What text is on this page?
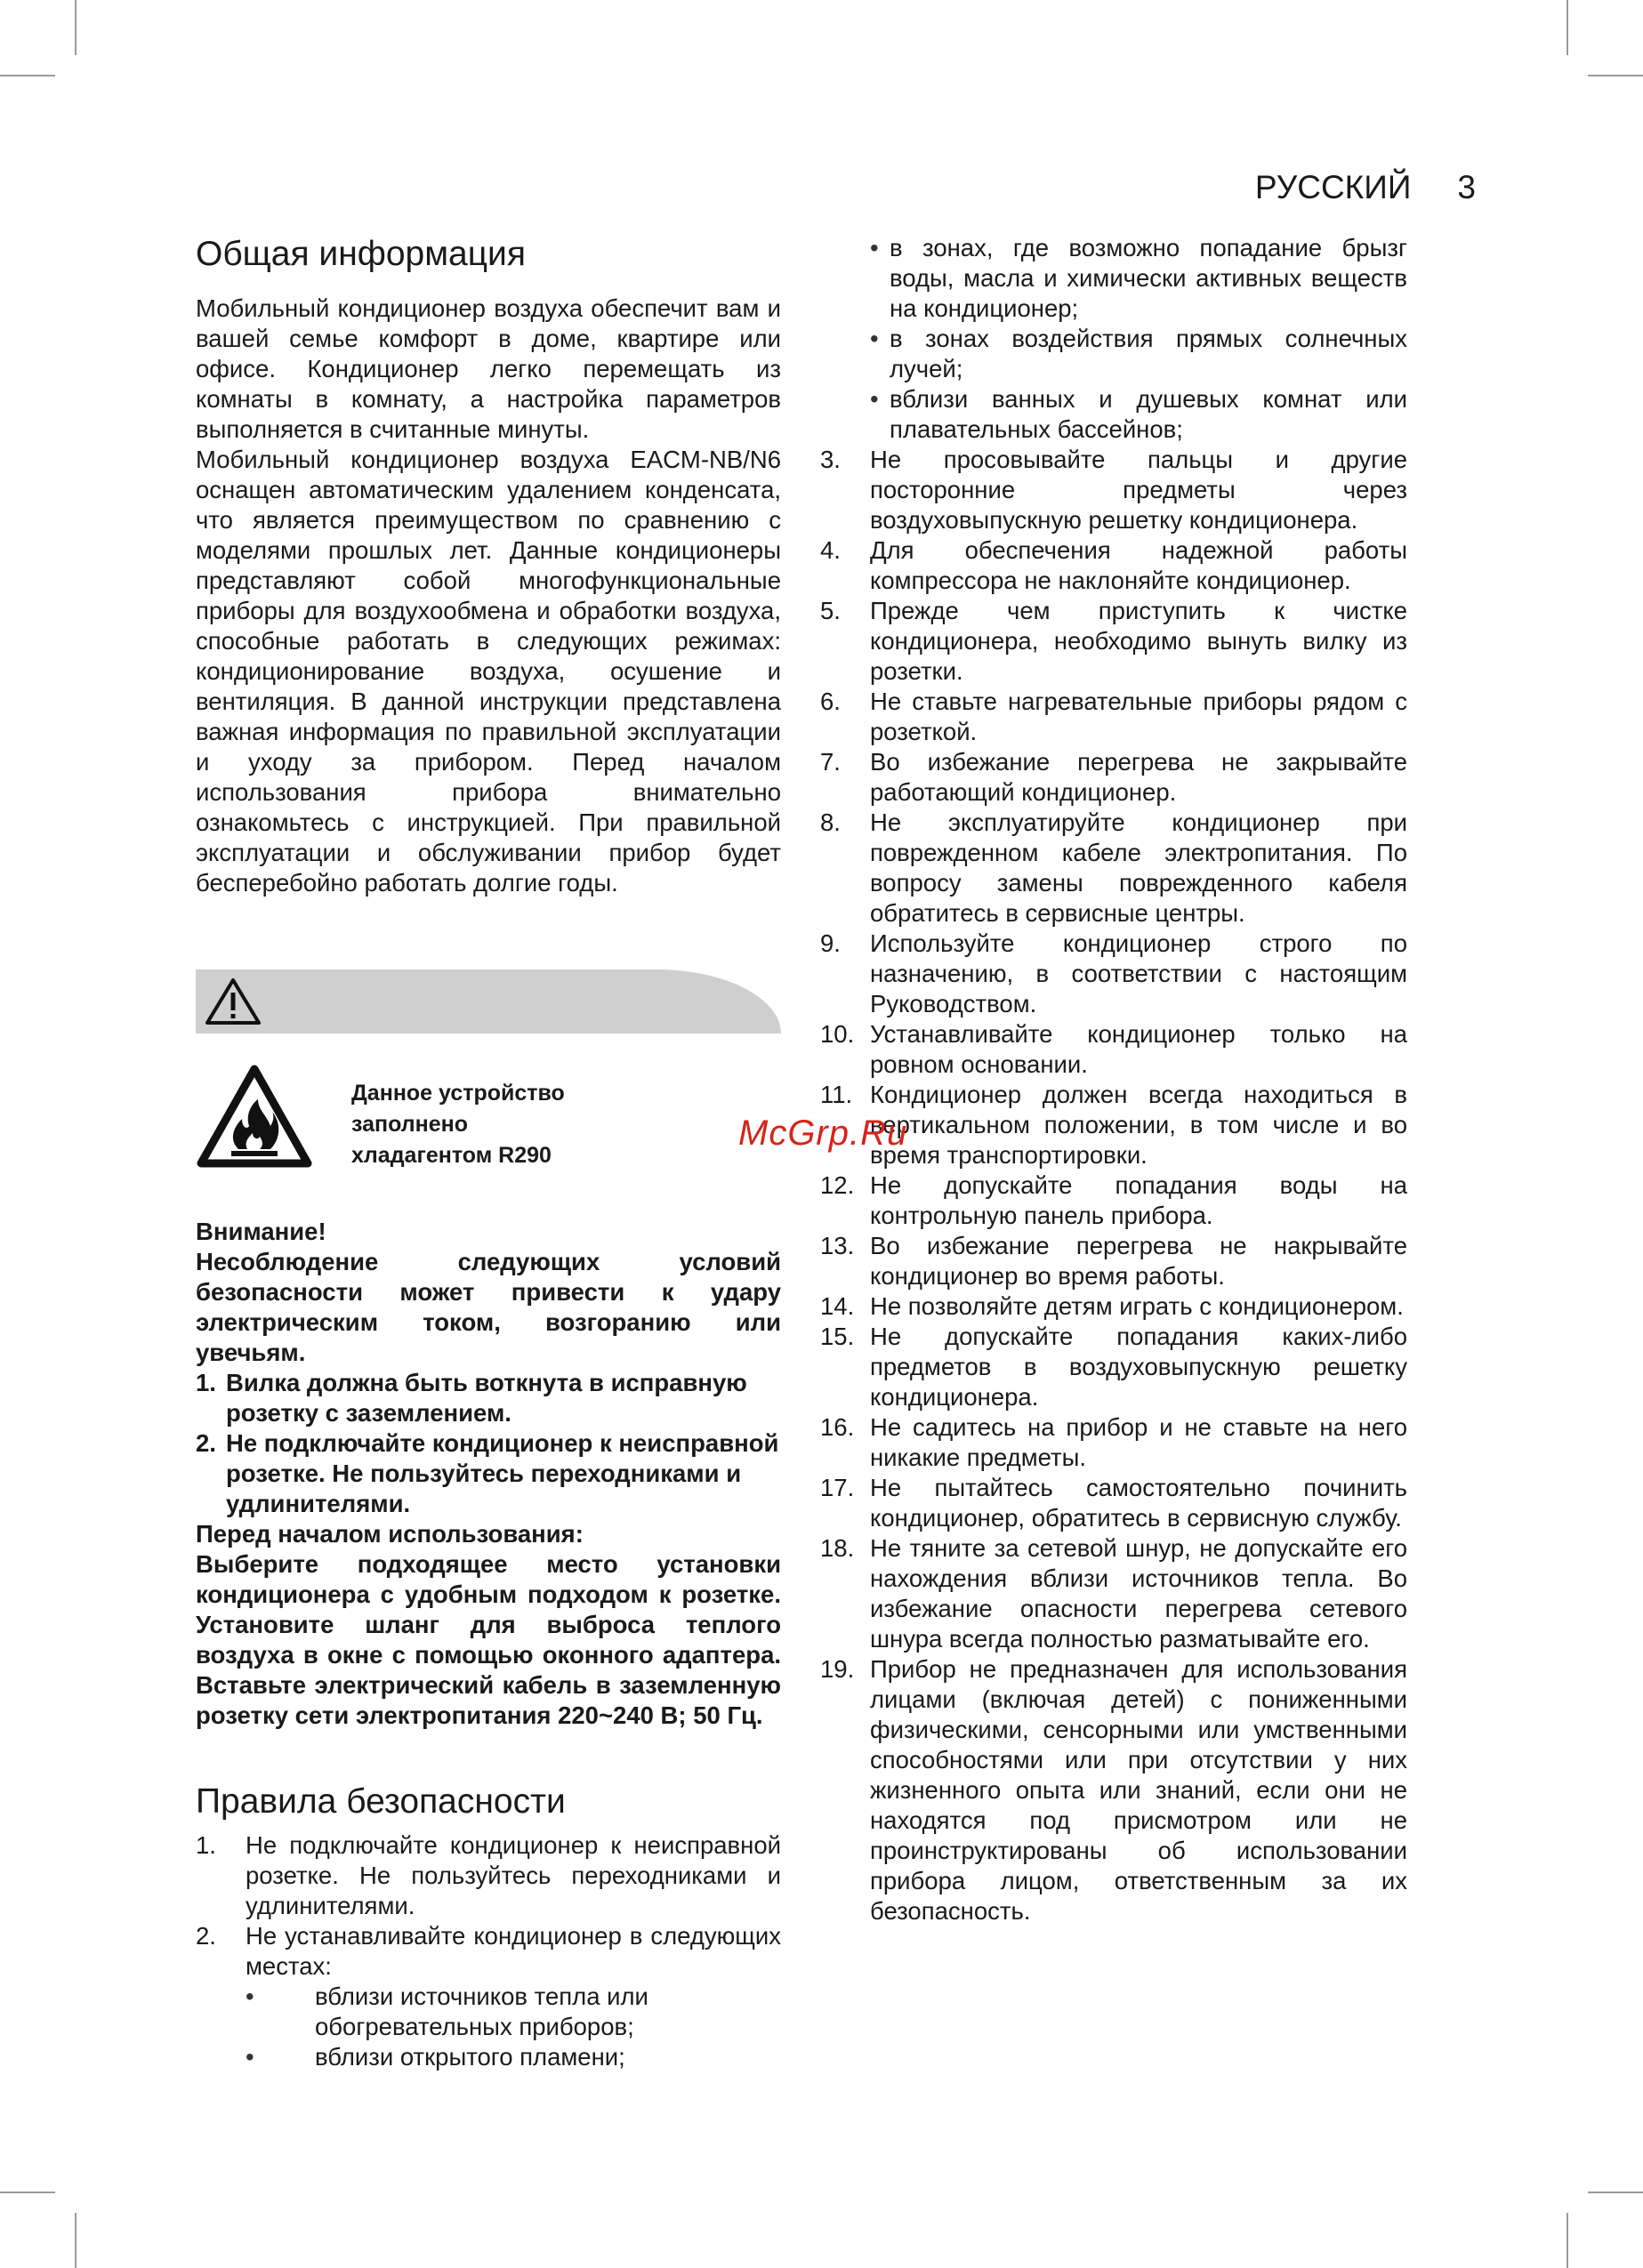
РУССКИЙ 3
Общая информация

Мобильный кондиционер воздуха обеспечит вам и вашей семье комфорт в доме, квартире или офисе. Кондиционер легко перемещать из комнаты в комнату, а настройка параметров выполняется в считанные минуты.

Мобильный кондиционер воздуха EACM-NB/N6 оснащен автоматическим удалением конденсата, что является преимуществом по сравнению с моделями прошлых лет. Данные кондиционеры представляют собой многофункциональные приборы для воздухообмена и обработки воздуха, способные работать в следующих режимах: кондиционирование воздуха, осушение и вентиляция. В данной инструкции представлена важная информация по правильной эксплуатации и уходу за прибором. Перед началом использования прибора внимательно ознакомьтесь с инструкцией. При правильной эксплуатации и обслуживании прибор будет бесперебойно работать долгие годы.

Данное устройство
заполнено
хладагентом R290

Внимание!

Несоблюдение следующих условий безопасности может привести к удару электрическим током, возгоранию или увечьям.

1. Вилка должна быть воткнута в исправную розетку с заземлением.
2. Не подключайте кондиционер к неисправной розетке. Не пользуйтесь переходниками и удлинителями.

Перед началом использования:

Выберите подходящее место установки кондиционера с удобным подходом к розетке. Установите шланг для выброса теплого воздуха в окне с помощью оконного адаптера. Вставьте электрический кабель в заземленную розетку сети электропитания 220~240 В; 50 Гц.

Правила безопасности
1. Не подключайте кондиционер к неисправной розетке. Не пользуйтесь переходниками и удлинителями.

2. Не устанавливайте кондиционер в следующих местах:

• вблизи источников тепла или обогревательных приборов;
• вблизи открытого пламени;

• в зонах, где возможно попадание брызг воды, масла и химически активных веществ на кондиционер;

• в зонах воздействия прямых солнечных лучей;

• вблизи ванных и душевых комнат или плавательных бассейнов;

3. Не просовывайте пальцы и другие посторонние предметы через воздуховыпускную решетку кондиционера.

4. Для обеспечения надежной работы компрессора не наклоняйте кондиционер.

5. Прежде чем приступить к чистке кондиционера, необходимо вынуть вилку из розетки.

6. Не ставьте нагревательные приборы рядом с розеткой.

7. Во избежание перегрева не закрывайте работающий кондиционер.

8. Не эксплуатируйте кондиционер при поврежденном кабеле электропитания. По вопросу замены поврежденного кабеля обратитесь в сервисные центры.

9. Используйте кондиционер строго по назначению, в соответствии с настоящим Руководством.

10. Устанавливайте кондиционер только на ровном основании.

11. Кондиционер должен всегда находиться в вертикальном положении, в том числе и во время транспортировки.

12. Не допускайте попадания воды на контрольную панель прибора.

13. Во избежание перегрева не накрывайте кондиционер во время работы.

14. Не позволяйте детям играть с кондиционером.

15. Не допускайте попадания каких-либо предметов в воздуховыпускную решетку кондиционера.

16. Не садитесь на прибор и не ставьте на него никакие предметы.

17. Не пытайтесь самостоятельно починить кондиционер, обратитесь в сервисную службу.

18. Не тяните за сетевой шнур, не допускайте его нахождения вблизи источников тепла. Во избежание опасности перегрева сетевого шнура всегда полностью разматывайте его.

19. Прибор не предназначен для использования лицами (включая детей) с пониженными физическими, сенсорными или умственными способностями или при отсутствии у них жизненного опыта или знаний, если они не находятся под присмотром или не проинструктированы об использовании прибора лицом, ответственным за их безопасность.

McGrp.Ru
